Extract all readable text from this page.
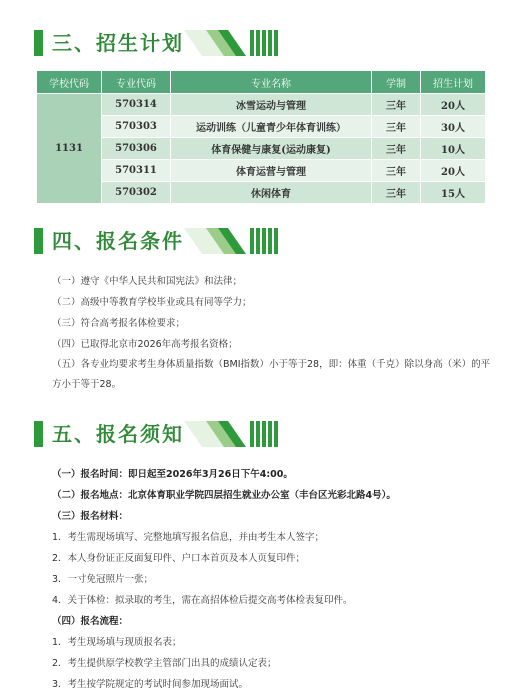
三、招生计划
学校代码	专业代码	专业名称	学制	招生计划
1131	570314	冰雪运动与管理	三年	20人
	570303	运动训练（儿童青少年体育训练）	三年	30人
	570306	体育保健与康复(运动康复)	三年	10人
	570311	体育运营与管理	三年	20人
	570302	休闲体育	三年	15人
四、报名条件

（一）遵守《中华人民共和国宪法》和法律；

（二）高级中等教育学校毕业或具有同等学力；

（三）符合高考报名体检要求；

（四）已取得北京市2026年高考报名资格；

（五）各专业均要求考生身体质量指数（BMI指数）小于等于28，即：体重（千克）除以身高（米）的平方小于等于28。

五、报名须知

（一）报名时间：即日起至2026年3月26日下午4:00。

（二）报名地点：北京体育职业学院四层招生就业办公室（丰台区光彩北路4号）。

（三）报名材料：

1．考生需现场填写、完整地填写报名信息，并由考生本人签字；

2．本人身份证正反面复印件、户口本首页及本人页复印件；

3．一寸免冠照片一张；

4．关于体检：拟录取的考生，需在高招体检后提交高考体检表复印件。

（四）报名流程：

1．考生现场填与现质报名表；

2．考生提供原学校教学主管部门出具的成绩认定表；

3．考生按学院规定的考试时间参加现场面试。
